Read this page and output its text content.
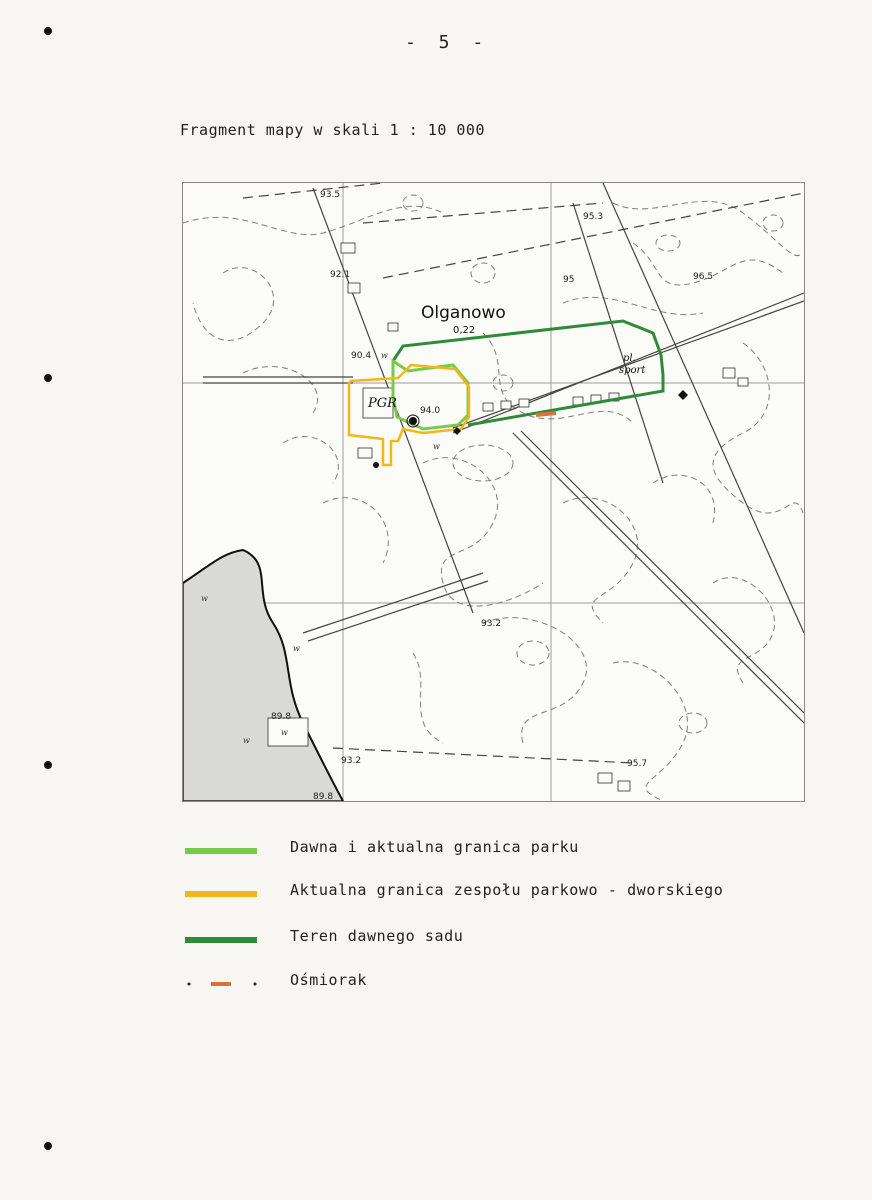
- 5 -
Fragment mapy w skali 1 : 10 000
93.5
95.3
92.1	96.5
95
90.4
94.0
93.2
89.8
93.2	95.7
89.8
w
w
w
w
w
w
Olganowo
0,22
PGR
pl.
sport
Dawna i aktualna granica parku
Aktualna granica zespołu parkowo - dworskiego
Teren dawnego sadu
Ośmiorak
